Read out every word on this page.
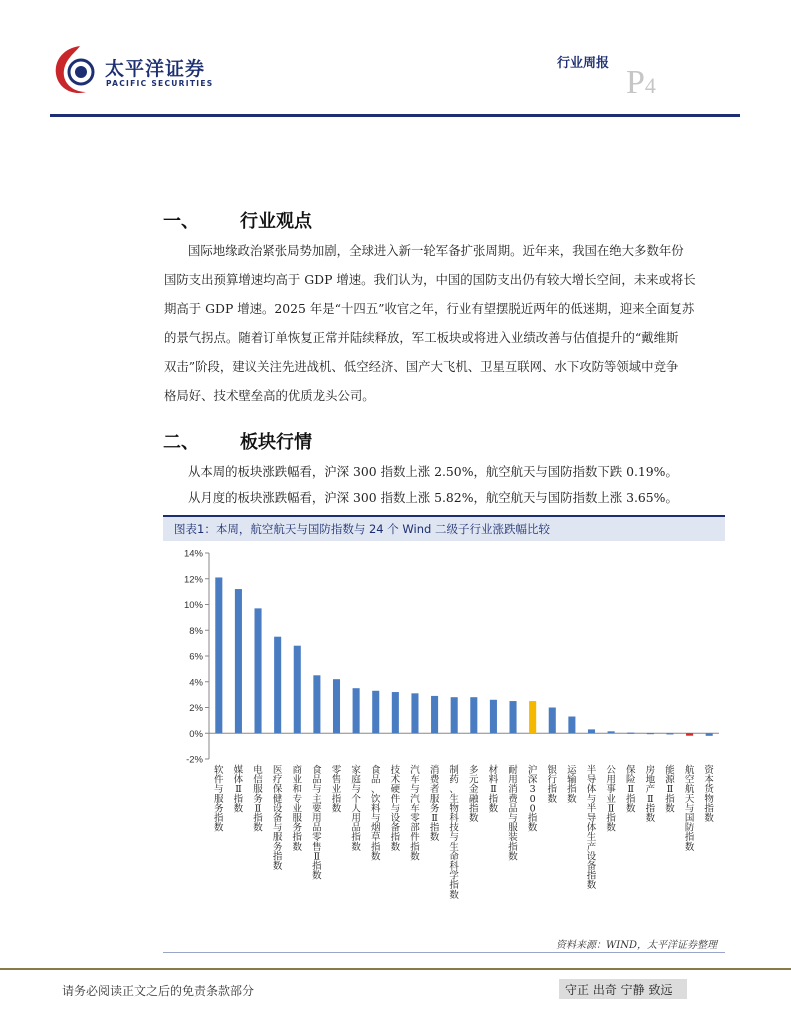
太平洋证券
PACIFIC SECURITIES
行业周报
P4
一、 行业观点
国际地缘政治紧张局势加剧，全球进入新一轮军备扩张周期。近年来，我国在绝大多数年份
国防支出预算增速均高于 GDP 增速。我们认为，中国的国防支出仍有较大增长空间，未来或将长
期高于 GDP 增速。2025 年是“十四五”收官之年，行业有望摆脱近两年的低迷期，迎来全面复苏
的景气拐点。随着订单恢复正常并陆续释放，军工板块或将进入业绩改善与估值提升的“戴维斯
双击”阶段，建议关注先进战机、低空经济、国产大飞机、卫星互联网、水下攻防等领域中竞争
格局好、技术壁垒高的优质龙头公司。
二、 板块行情
从本周的板块涨跌幅看，沪深 300 指数上涨 2.50%，航空航天与国防指数下跌 0.19%。
从月度的板块涨跌幅看，沪深 300 指数上涨 5.82%，航空航天与国防指数上涨 3.65%。
图表1：本周，航空航天与国防指数与 24 个 Wind 二级子行业涨跌幅比较
-2%
0%
2%
4%
6%
8%
10%
12%
14%
软件与服务指数
媒体 Ⅱ 指数
电信服务 Ⅱ 指数
医疗保健设备与服务指数
商业和专业服务指数
食品与主要用品零售 Ⅱ 指数
零售业指数
家庭与个人用品指数
食品、饮料与烟草指数
技术硬件与设备指数
汽车与汽车零部件指数
消费者服务 Ⅱ 指数
制药、生物科技与生命科学指数
多元金融指数
材料 Ⅱ 指数
耐用消费品与服装指数
沪深 3 0 0 指数
银行指数
运输指数
半导体与半导体生产设备指数
公用事业 Ⅱ 指数
保险 Ⅱ 指数
房地产 Ⅱ 指数
能源 Ⅱ 指数
航空航天与国防指数
资本货物指数
资料来源：WIND，太平洋证券整理
请务必阅读正文之后的免责条款部分	守正 出奇 宁静 致远
